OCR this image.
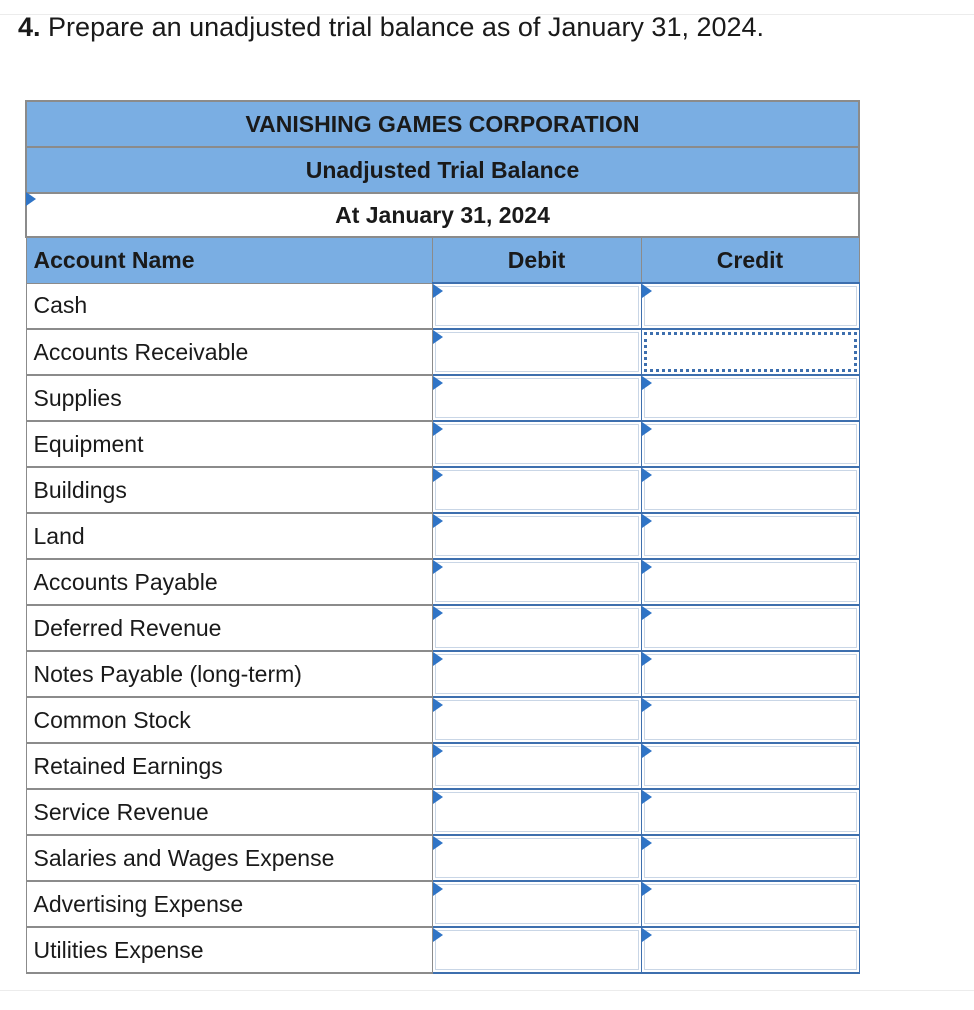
4. Prepare an unadjusted trial balance as of January 31, 2024.
VANISHING GAMES CORPORATION		
Unadjusted Trial Balance		

At January 31, 2024		
Account Name	Debit	Credit
Cash	

Accounts Receivable	

Supplies	

Equipment	

Buildings	

Land	

Accounts Payable	

Deferred Revenue	

Notes Payable (long-term)	

Common Stock	

Retained Earnings	

Service Revenue	

Salaries and Wages Expense	

Advertising Expense	

Utilities Expense	
